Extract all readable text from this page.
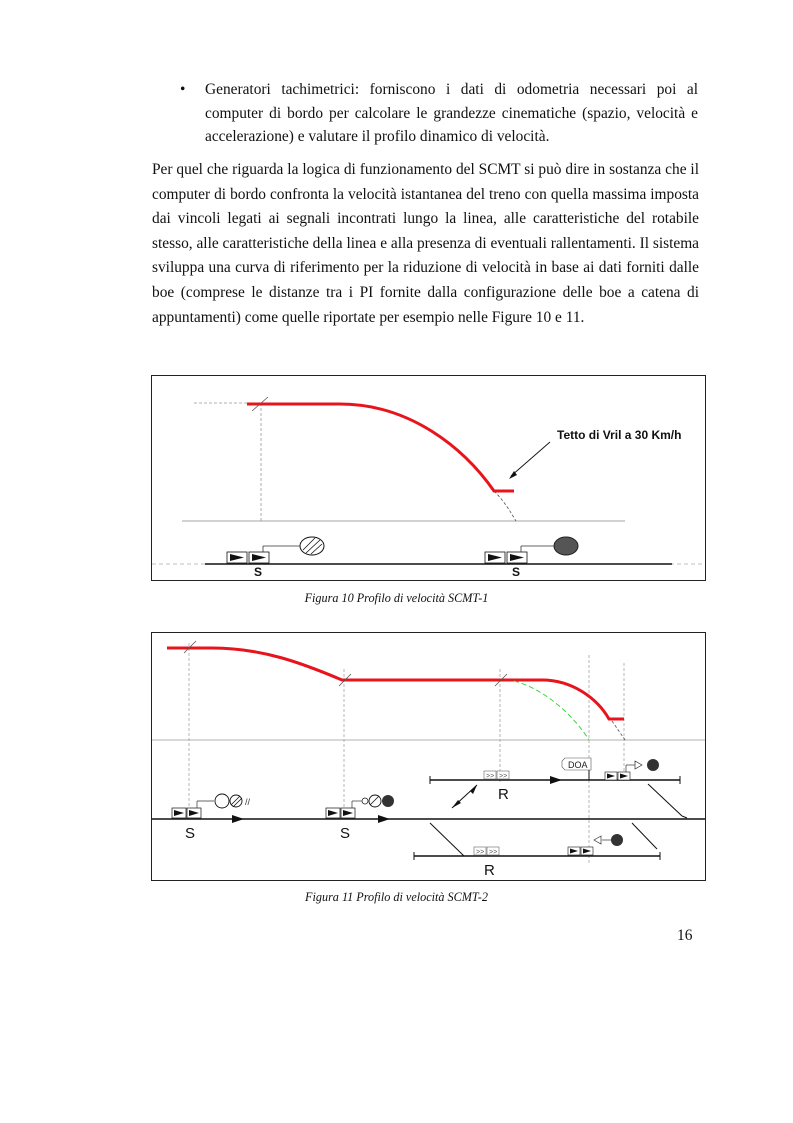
•	Generatori tachimetrici: forniscono i dati di odometria necessari poi al computer di bordo per calcolare le grandezze cinematiche (spazio, velocità e accelerazione) e valutare il profilo dinamico di velocità.
Per quel che riguarda la logica di funzionamento del SCMT si può dire in sostanza che il computer di bordo confronta la velocità istantanea del treno con quella massima imposta dai vincoli legati ai segnali incontrati lungo la linea, alle caratteristiche del rotabile stesso, alle caratteristiche della linea e alla presenza di eventuali rallentamenti. Il sistema sviluppa una curva di riferimento per la riduzione di velocità in base ai dati forniti dalle boe (comprese le distanze tra i PI fornite dalla configurazione delle boe a catena di appuntamenti) come quelle riportate per esempio nelle Figure 10 e 11.
Tetto di Vril a 30 Km/h
S	S
Figura 10 Profilo di velocità SCMT-1
//
S	S
>> >>
DOA
R
>> >>
R
Figura 11 Profilo di velocità SCMT-2
16
